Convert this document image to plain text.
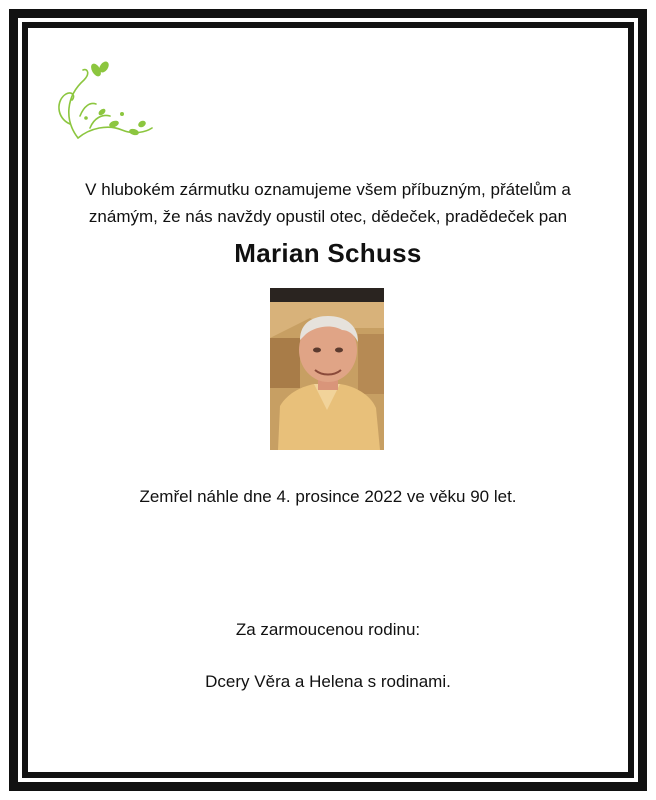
V hlubokém zármutku oznamujeme všem příbuzným, přátelům a

známým, že nás navždy opustil otec, dědeček, pradědeček pan

Marian Schuss
Zemřel náhle dne 4. prosince 2022 ve věku 90 let.
Za zarmoucenou rodinu:
Dcery Věra a Helena s rodinami.
